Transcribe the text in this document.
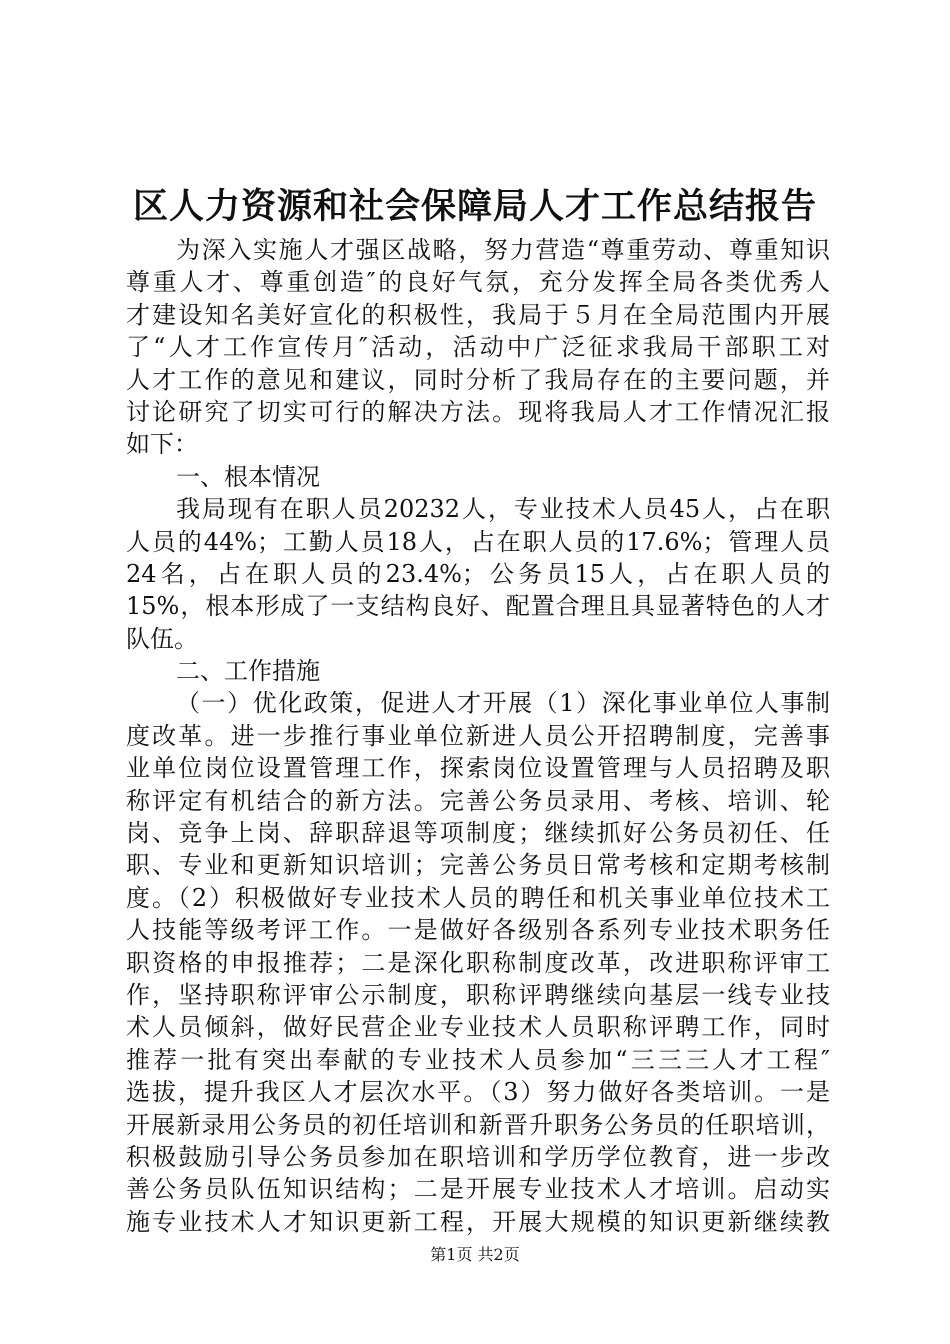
区人力资源和社会保障局人才工作总结报告
为深入实施人才强区战略，努力营造“尊重劳动、尊重知识
尊重人才、尊重创造″的良好气氛，充分发挥全局各类优秀人
才建设知名美好宣化的积极性，我局于５月在全局范围内开展
了“人才工作宣传月″活动，活动中广泛征求我局干部职工对
人才工作的意见和建议，同时分析了我局存在的主要问题，并
讨论研究了切实可行的解决方法。现将我局人才工作情况汇报
如下：
一、根本情况
我局现有在职人员20232人，专业技术人员45人，占在职
人员的44%；工勤人员18人，占在职人员的17.6%；管理人员
24名，占在职人员的23.4%；公务员15人，占在职人员的
15%，根本形成了一支结构良好、配置合理且具显著特色的人才
队伍。
二、工作措施
（一）优化政策，促进人才开展（1）深化事业单位人事制
度改革。进一步推行事业单位新进人员公开招聘制度，完善事
业单位岗位设置管理工作，探索岗位设置管理与人员招聘及职
称评定有机结合的新方法。完善公务员录用、考核、培训、轮
岗、竞争上岗、辞职辞退等项制度；继续抓好公务员初任、任
职、专业和更新知识培训；完善公务员日常考核和定期考核制
度。（2）积极做好专业技术人员的聘任和机关事业单位技术工
人技能等级考评工作。一是做好各级别各系列专业技术职务任
职资格的申报推荐；二是深化职称制度改革，改进职称评审工
作，坚持职称评审公示制度，职称评聘继续向基层一线专业技
术人员倾斜，做好民营企业专业技术人员职称评聘工作，同时
推荐一批有突出奉献的专业技术人员参加“三三三人才工程″
选拔，提升我区人才层次水平。（3）努力做好各类培训。一是
开展新录用公务员的初任培训和新晋升职务公务员的任职培训，
积极鼓励引导公务员参加在职培训和学历学位教育，进一步改
善公务员队伍知识结构；二是开展专业技术人才培训。启动实
施专业技术人才知识更新工程，开展大规模的知识更新继续教
第1页 共2页
